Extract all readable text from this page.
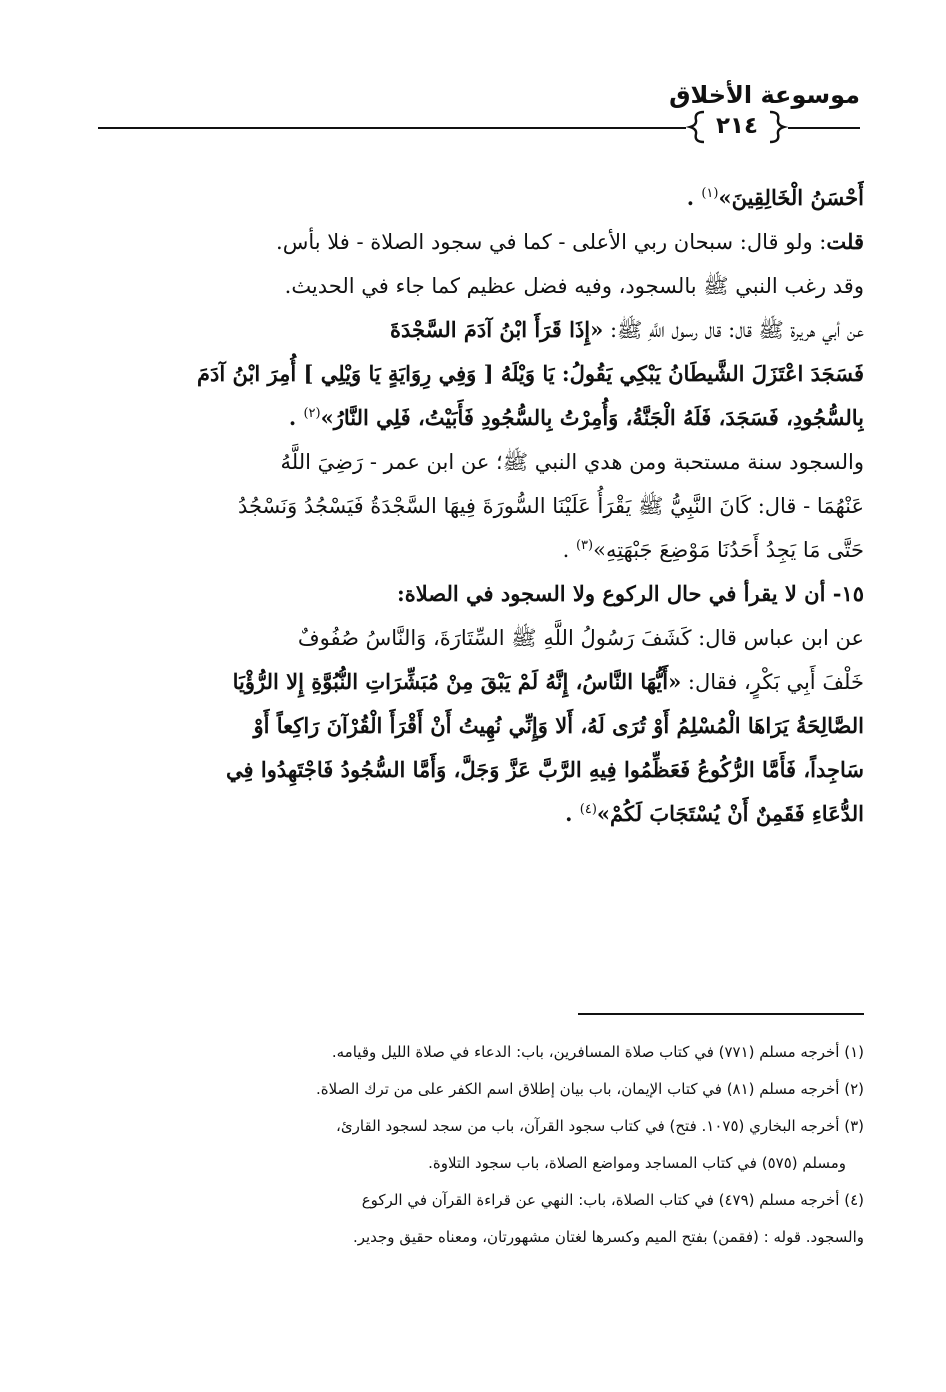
موسوعة الأخلاق
٢١٤

أَحْسَنُ الْخَالِقِينَ»$^{(١)}$ .

قلت: ولو قال: سبحان ربي الأعلى - كما في سجود الصلاة - فلا بأس.

وقد رغب النبي ﷺ بالسجود، وفيه فضل عظيم كما جاء في الحديث.

عن أبي هريرة ﷺ قال: قال رسول اللَّهِ ﷺ: «إِذَا قَرَأَ ابْنُ آدَمَ السَّجْدَةَ

فَسَجَدَ اعْتَزَلَ الشَّيطَانُ يَبْكِي يَقُولُ: يَا وَيْلَهُ [ وَفِي رِوَايَةٍ يَا وَيْلِي ] أُمِرَ ابْنُ آدَمَ

بِالسُّجُودِ، فَسَجَدَ، فَلَهُ الْجَنَّةُ، وَأُمِرْتُ بِالسُّجُودِ فَأَبَيْتُ، فَلِي النَّارُ»$^{(٢)}$ .

والسجود سنة مستحبة ومن هدي النبي ﷺ؛ عن ابن عمر - رَضِيَ اللَّهُ

عَنْهُمَا - قال: كَانَ النَّبِيُّ ﷺ يَقْرَأُ عَلَيْنَا السُّورَةَ فِيهَا السَّجْدَةُ فَيَسْجُدُ وَنَسْجُدُ

حَتَّى مَا يَجِدُ أَحَدُنَا مَوْضِعَ جَبْهَتِهِ»$^{(٣)}$ .

١٥- أن لا يقرأ في حال الركوع ولا السجود في الصلاة:

عن ابن عباس قال: كَشَفَ رَسُولُ اللَّهِ ﷺ السِّتَارَةَ، وَالنَّاسُ صُفُوفٌ

خَلْفَ أَبِي بَكْرٍ، فقال: «أَيُّهَا النَّاسُ، إِنَّهُ لَمْ يَبْقَ مِنْ مُبَشِّرَاتِ النُّبُوَّةِ إِلا الرُّؤْيَا

الصَّالِحَةُ يَرَاهَا الْمُسْلِمُ أَوْ تُرَى لَهُ، أَلا وَإِنِّي نُهِيتُ أَنْ أَقْرَأَ الْقُرْآنَ رَاكِعاً أَوْ

سَاجِداً، فَأَمَّا الرُّكُوعُ فَعَظِّمُوا فِيهِ الرَّبَّ عَزَّ وَجَلَّ، وَأَمَّا السُّجُودُ فَاجْتَهِدُوا فِي

الدُّعَاءِ فَقَمِنٌ أَنْ يُسْتَجَابَ لَكُمْ»$^{(٤)}$ .

(١) أخرجه مسلم (٧٧١) في كتاب صلاة المسافرين، باب: الدعاء في صلاة الليل وقيامه.

(٢) أخرجه مسلم (٨١) في كتاب الإيمان، باب بيان إطلاق اسم الكفر على من ترك الصلاة.

(٣) أخرجه البخاري (١٠٧٥. فتح) في كتاب سجود القرآن، باب من سجد لسجود القارئ،

ومسلم (٥٧٥) في كتاب المساجد ومواضع الصلاة، باب سجود التلاوة.

(٤) أخرجه مسلم (٤٧٩) في كتاب الصلاة، باب: النهي عن قراءة القرآن في الركوع

والسجود. قوله : (فقمن) بفتح الميم وكسرها لغتان مشهورتان، ومعناه حقيق وجدير.
